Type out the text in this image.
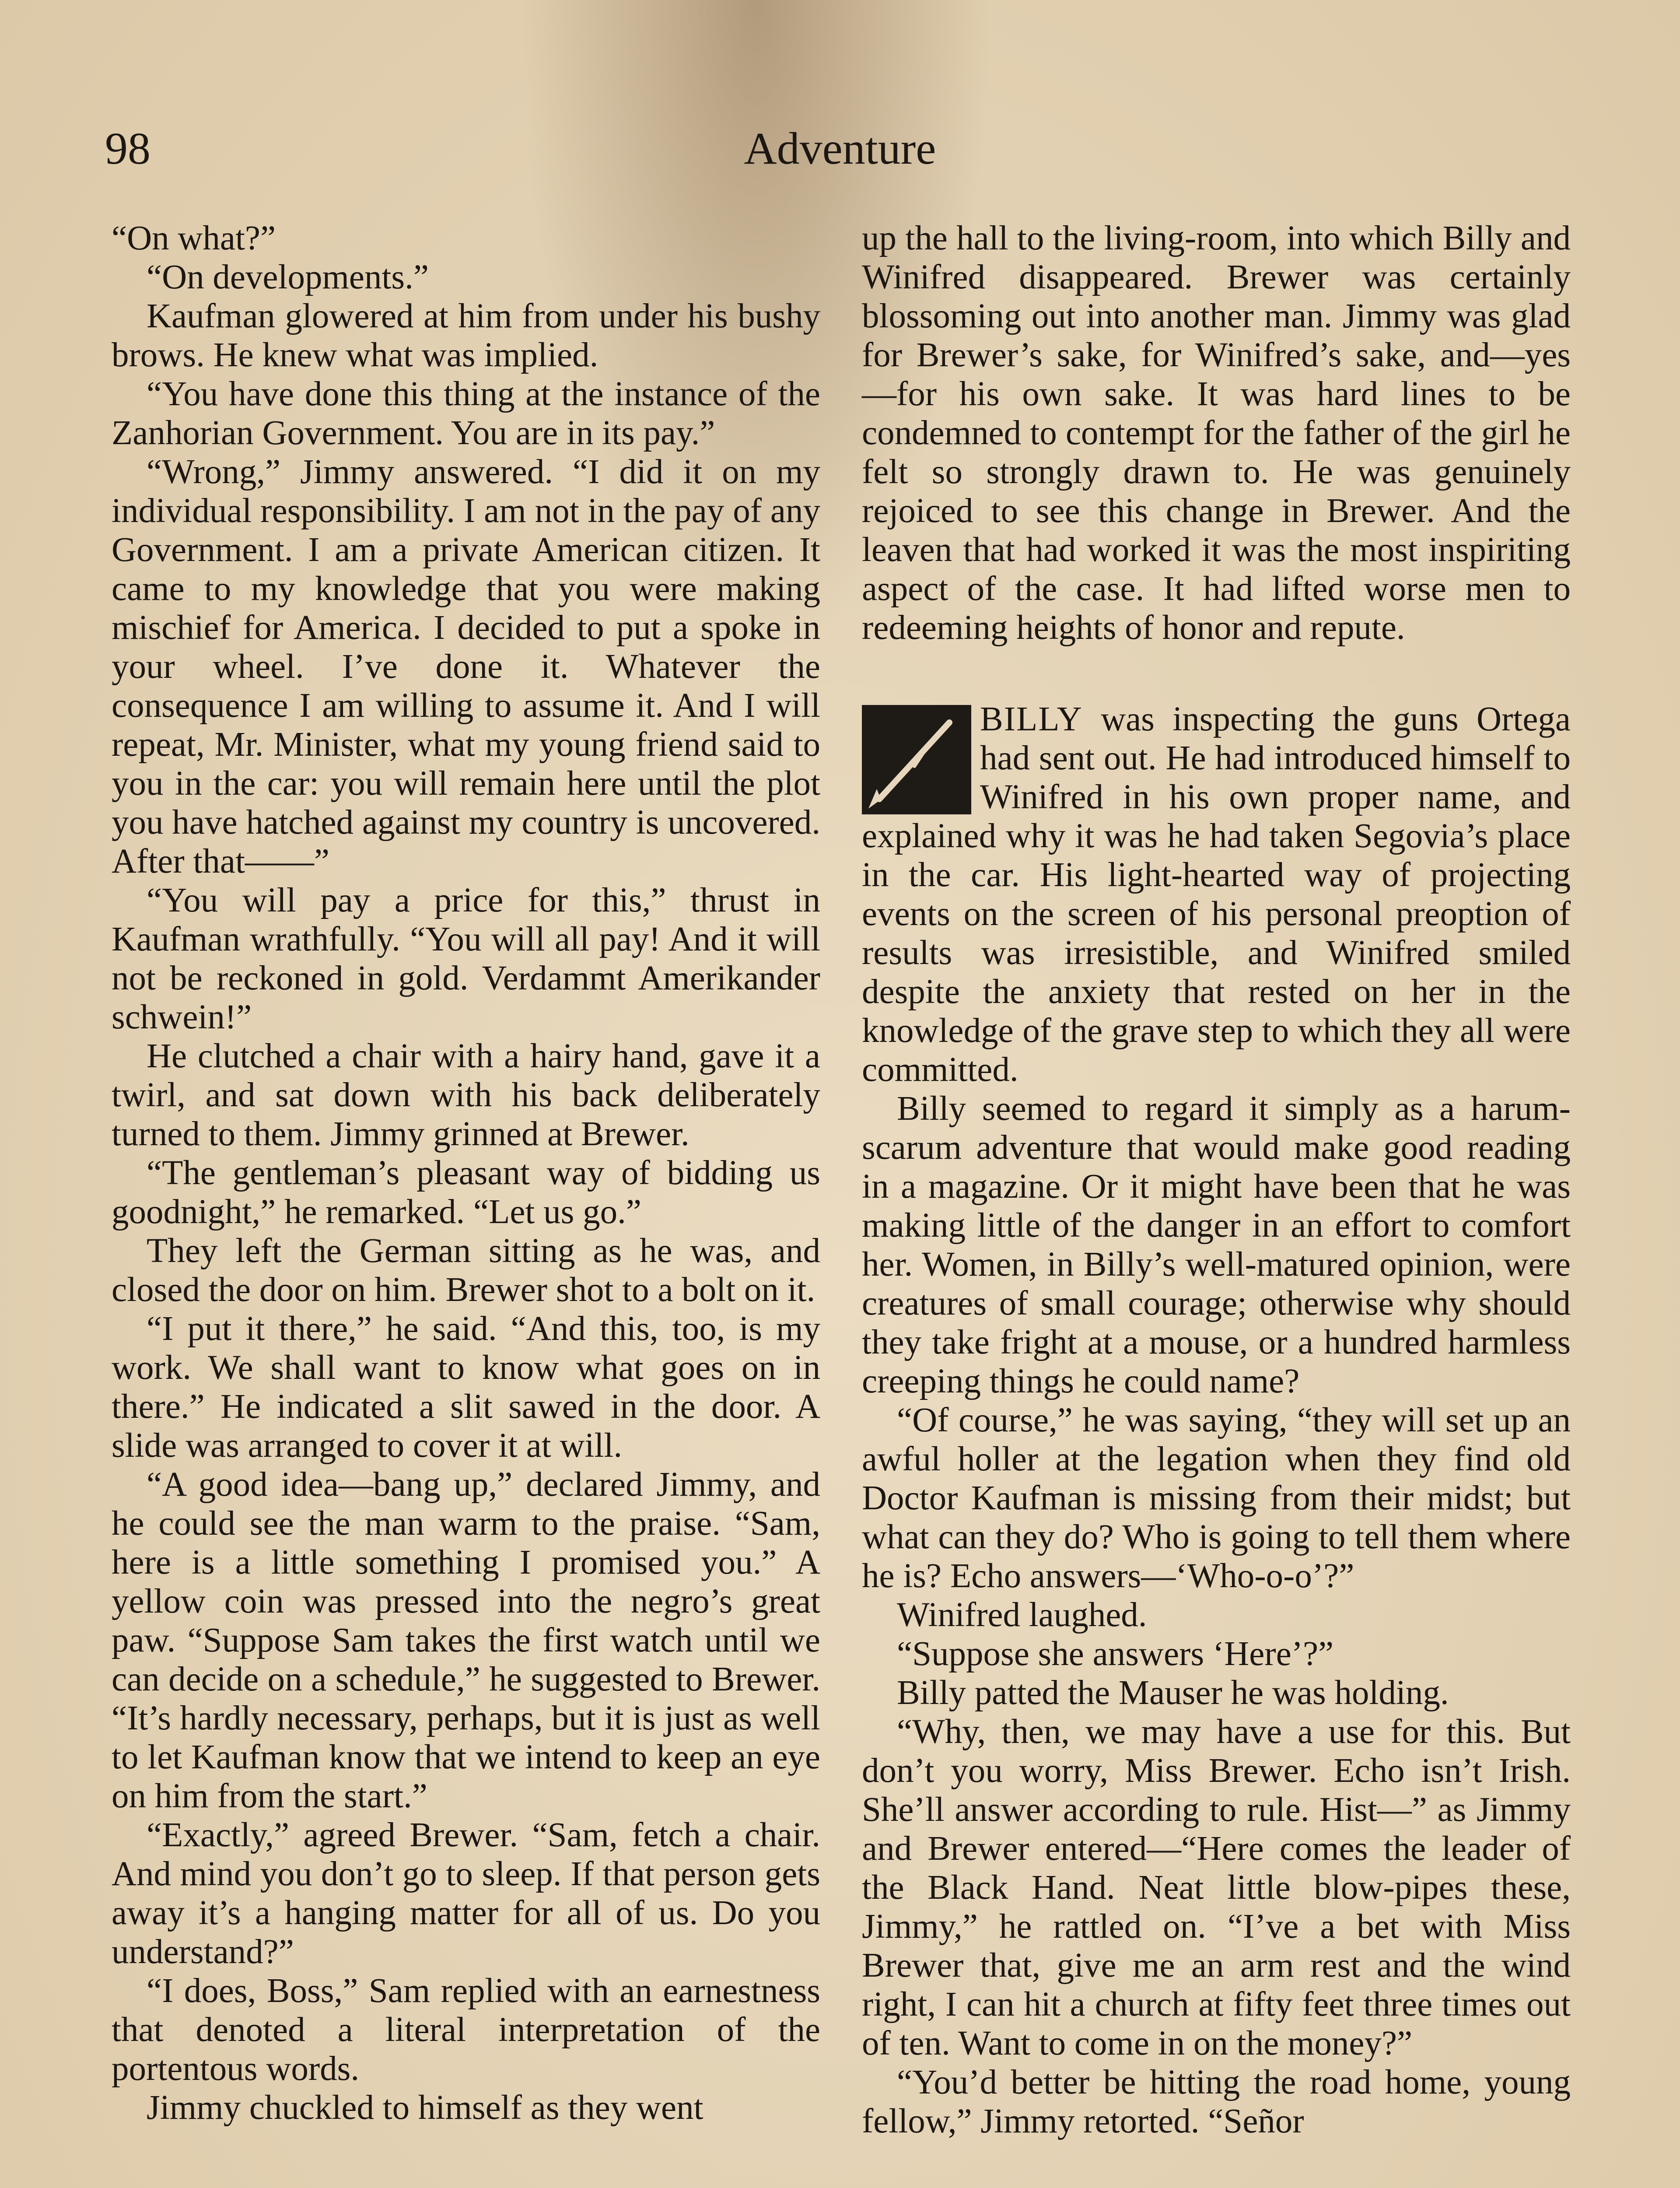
98	Adventure

“On what?”

“On developments.”

Kaufman glowered at him from under his bushy brows. He knew what was implied.

“You have done this thing at the instance of the Zanhorian Government. You are in its pay.”

“Wrong,” Jimmy answered. “I did it on my individual responsibility. I am not in the pay of any Government. I am a private American citizen. It came to my knowledge that you were making mischief for America. I decided to put a spoke in your wheel. I’ve done it. Whatever the consequence I am willing to assume it. And I will repeat, Mr. Minister, what my young friend said to you in the car: you will remain here until the plot you have hatched against my country is uncovered. After that——”

“You will pay a price for this,” thrust in Kaufman wrathfully. “You will all pay! And it will not be reckoned in gold. Verdammt Amerikander schwein!”

He clutched a chair with a hairy hand, gave it a twirl, and sat down with his back deliberately turned to them. Jimmy grinned at Brewer.

“The gentleman’s pleasant way of bidding us goodnight,” he remarked. “Let us go.”

They left the German sitting as he was, and closed the door on him. Brewer shot to a bolt on it.

“I put it there,” he said. “And this, too, is my work. We shall want to know what goes on in there.” He indicated a slit sawed in the door. A slide was arranged to cover it at will.

“A good idea—bang up,” declared Jimmy, and he could see the man warm to the praise. “Sam, here is a little something I promised you.” A yellow coin was pressed into the negro’s great paw. “Suppose Sam takes the first watch until we can decide on a schedule,” he suggested to Brewer. “It’s hardly necessary, perhaps, but it is just as well to let Kaufman know that we intend to keep an eye on him from the start.”

“Exactly,” agreed Brewer. “Sam, fetch a chair. And mind you don’t go to sleep. If that person gets away it’s a hanging matter for all of us. Do you understand?”

“I does, Boss,” Sam replied with an earnestness that denoted a literal interpretation of the portentous words.

Jimmy chuckled to himself as they went

up the hall to the living-room, into which Billy and Winifred disappeared. Brewer was certainly blossoming out into another man. Jimmy was glad for Brewer’s sake, for Winifred’s sake, and—yes—for his own sake. It was hard lines to be condemned to contempt for the father of the girl he felt so strongly drawn to. He was genuinely rejoiced to see this change in Brewer. And the leaven that had worked it was the most inspiriting aspect of the case. It had lifted worse men to redeeming heights of honor and repute.

BILLY was inspecting the guns Ortega had sent out. He had introduced himself to Winifred in his own proper name, and explained why it was he had taken Segovia’s place in the car. His light-hearted way of projecting events on the screen of his personal preoption of results was irresistible, and Winifred smiled despite the anxiety that rested on her in the knowledge of the grave step to which they all were committed.

Billy seemed to regard it simply as a harum-scarum adventure that would make good reading in a magazine. Or it might have been that he was making little of the danger in an effort to comfort her. Women, in Billy’s well-matured opinion, were creatures of small courage; otherwise why should they take fright at a mouse, or a hundred harmless creeping things he could name?

“Of course,” he was saying, “they will set up an awful holler at the legation when they find old Doctor Kaufman is missing from their midst; but what can they do? Who is going to tell them where he is? Echo answers—‘Who-o-o’?”

Winifred laughed.

“Suppose she answers ‘Here’?”

Billy patted the Mauser he was holding.

“Why, then, we may have a use for this. But don’t you worry, Miss Brewer. Echo isn’t Irish. She’ll answer according to rule. Hist—” as Jimmy and Brewer entered—“Here comes the leader of the Black Hand. Neat little blow-pipes these, Jimmy,” he rattled on. “I’ve a bet with Miss Brewer that, give me an arm rest and the wind right, I can hit a church at fifty feet three times out of ten. Want to come in on the money?”

“You’d better be hitting the road home, young fellow,” Jimmy retorted. “Señor
